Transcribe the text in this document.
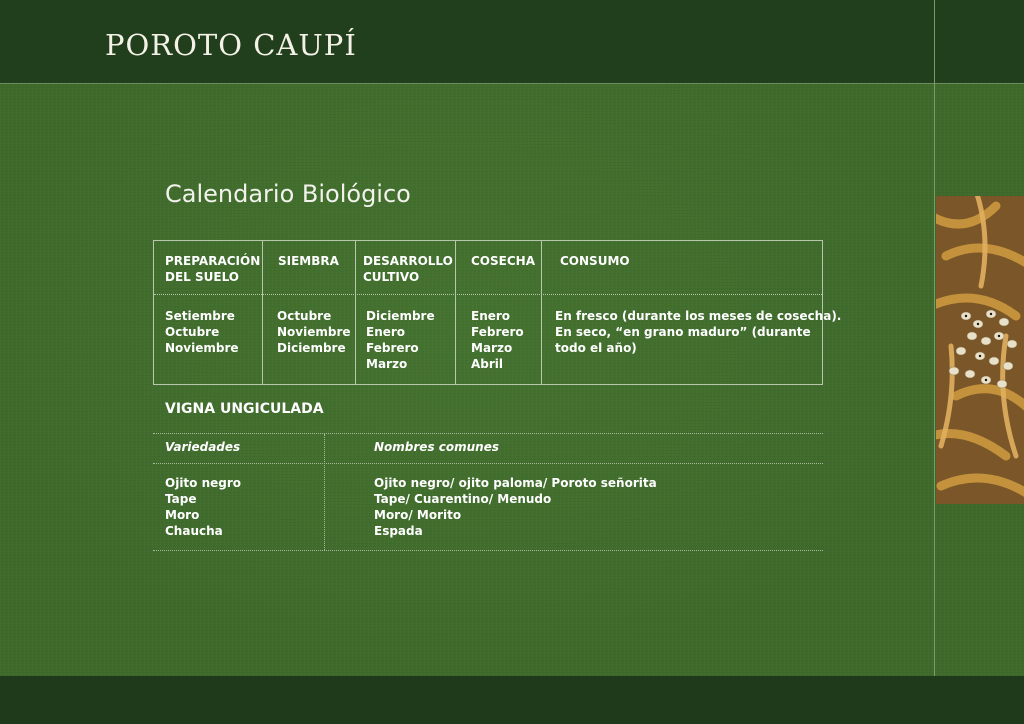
POROTO CAUPÍ
Calendario Biológico
PREPARACIÓN
DEL SUELO
SIEMBRA DESARROLLO
CULTIVO
COSECHA CONSUMO
Setiembre
Octubre
Noviembre
Octubre
Noviembre
Diciembre
Diciembre
Enero
Febrero
Marzo
Enero
Febrero
Marzo
Abril
En fresco (durante los meses de cosecha).
En seco, “en grano maduro” (durante
todo el año)
VIGNA UNGICULADA
Variedades	Nombres comunes
Ojito negro
Tape
Moro
Chaucha
Ojito negro/ ojito paloma/ Poroto señorita
Tape/ Cuarentino/ Menudo
Moro/ Morito
Espada
